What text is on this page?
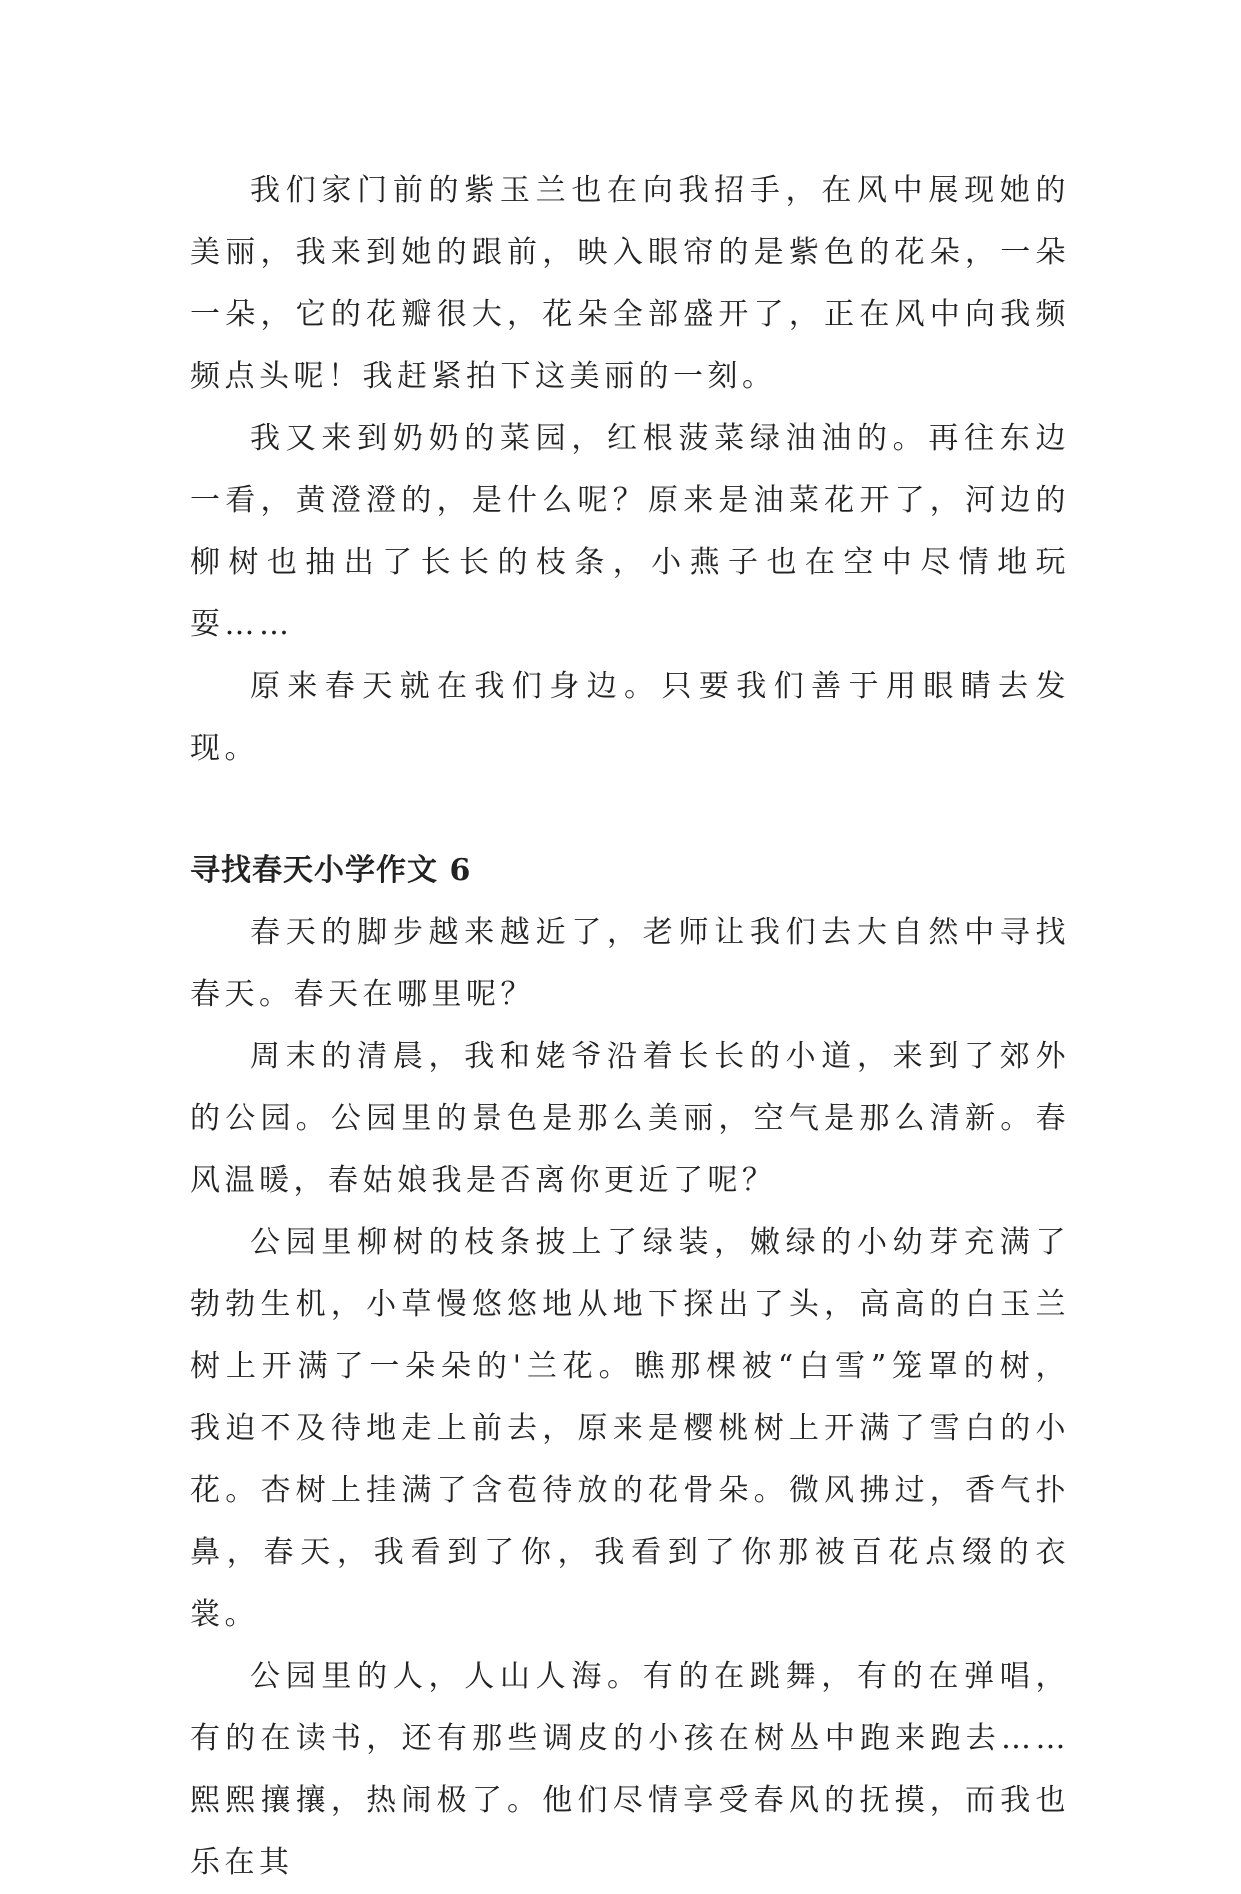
我们家门前的紫玉兰也在向我招手，在风中展现她的美丽，我来到她的跟前，映入眼帘的是紫色的花朵，一朵一朵，它的花瓣很大，花朵全部盛开了，正在风中向我频频点头呢！我赶紧拍下这美丽的一刻。

我又来到奶奶的菜园，红根菠菜绿油油的。再往东边一看，黄澄澄的，是什么呢？原来是油菜花开了，河边的柳树也抽出了长长的枝条，小燕子也在空中尽情地玩耍……

原来春天就在我们身边。只要我们善于用眼睛去发现。

寻找春天小学作文 6

春天的脚步越来越近了，老师让我们去大自然中寻找春天。春天在哪里呢？

周末的清晨，我和姥爷沿着长长的小道，来到了郊外的公园。公园里的景色是那么美丽，空气是那么清新。春风温暖，春姑娘我是否离你更近了呢？

公园里柳树的枝条披上了绿装，嫩绿的小幼芽充满了勃勃生机，小草慢悠悠地从地下探出了头，高高的白玉兰树上开满了一朵朵的'兰花。瞧那棵被“白雪”笼罩的树，我迫不及待地走上前去，原来是樱桃树上开满了雪白的小花。杏树上挂满了含苞待放的花骨朵。微风拂过，香气扑鼻，春天，我看到了你，我看到了你那被百花点缀的衣裳。

公园里的人，人山人海。有的在跳舞，有的在弹唱，有的在读书，还有那些调皮的小孩在树丛中跑来跑去……熙熙攘攘，热闹极了。他们尽情享受春风的抚摸，而我也乐在其
